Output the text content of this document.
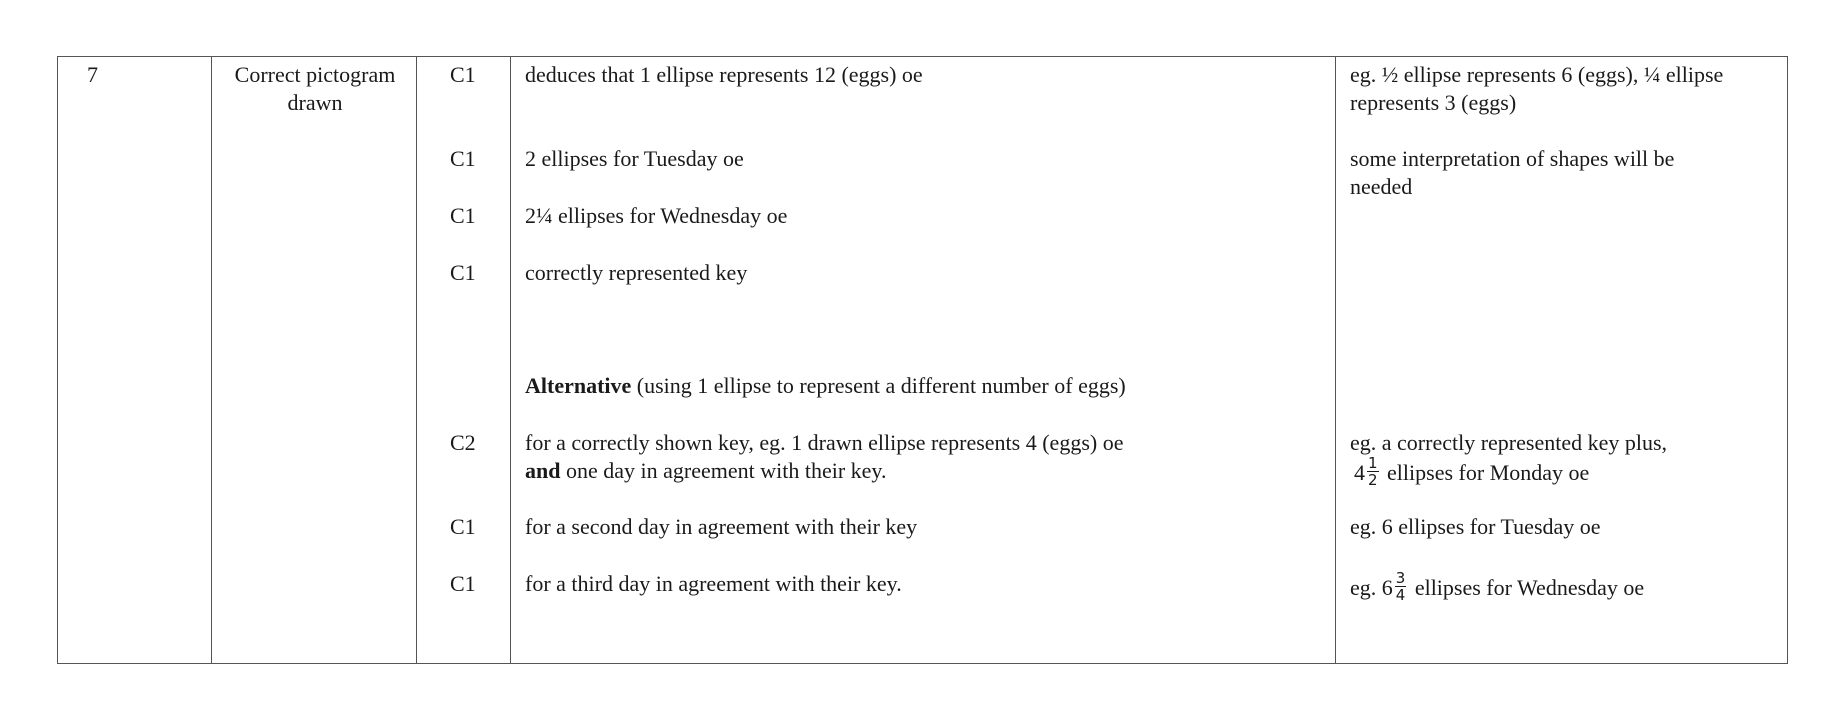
7	Correct pictogram drawn
C1
C1
C1
C1
C2
C1
C1
deduces that 1 ellipse represents 12 (eggs) oe
2 ellipses for Tuesday oe
2¼ ellipses for Wednesday oe
correctly represented key
Alternative (using 1 ellipse to represent a different number of eggs)
for a correctly shown key, eg. 1 drawn ellipse represents 4 (eggs) oe
and one day in agreement with their key.
for a second day in agreement with their key
for a third day in agreement with their key.
eg. ½ ellipse represents 6 (eggs), ¼ ellipse represents 3 (eggs)
some interpretation of shapes will be needed
eg. a correctly represented key plus,
$4 \frac{1}{2}$ ellipses for Monday oe
eg. 6 ellipses for Tuesday oe
eg. $6 \frac{3}{4}$ ellipses for Wednesday oe
